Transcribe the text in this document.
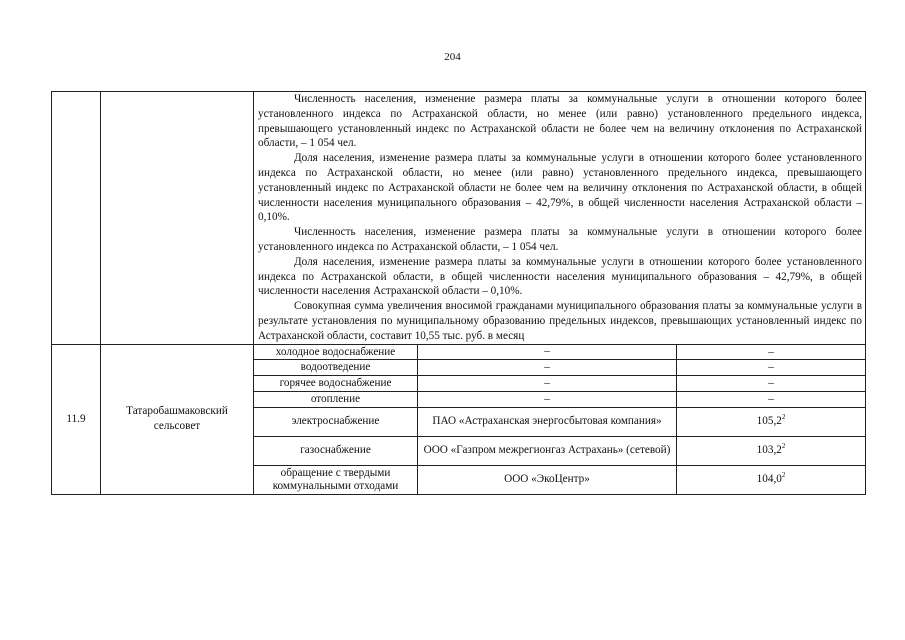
204

		Численность населения, изменение размера платы за коммунальные услуги в отношении которого более установленного индекса по Астраханской области, но менее (или равно) установленного предельного индекса, превышающего установленный индекс по Астраханской области не более чем на величину отклонения по Астраханской области, – 1 054 чел.
Доля населения, изменение размера платы за коммунальные услуги в отношении которого более установленного индекса по Астраханской области, но менее (или равно) установленного предельного индекса, превышающего установленный индекс по Астраханской области не более чем на величину отклонения по Астраханской области, в общей численности населения муниципального образования – 42,79%, в общей численности населения Астраханской области – 0,10%.
Численность населения, изменение размера платы за коммунальные услуги в отношении которого более установленного индекса по Астраханской области, – 1 054 чел.
Доля населения, изменение размера платы за коммунальные услуги в отношении которого более установленного индекса по Астраханской области, в общей численности населения муниципального образования – 42,79%, в общей численности населения Астраханской области – 0,10%.
Совокупная сумма увеличения вносимой гражданами муниципального образования платы за коммунальные услуги в результате установления по муниципальному образованию предельных индексов, превышающих установленный индекс по Астраханской области, составит 10,55 тыс. руб. в месяц		

11.9	Татаробашмаковский сельсовет	холодное водоснабжение	–	–
		водоотведение	–	–
		горячее водоснабжение	–	–
		отопление	–	–
		электроснабжение	ПАО «Астраханская энергосбытовая компания»	105,2$^2$
		газоснабжение	ООО «Газпром межрегионгаз Астрахань» (сетевой)	103,2$^2$
		обращение с твердыми коммунальными отходами	ООО «ЭкоЦентр»	104,0$^2$
